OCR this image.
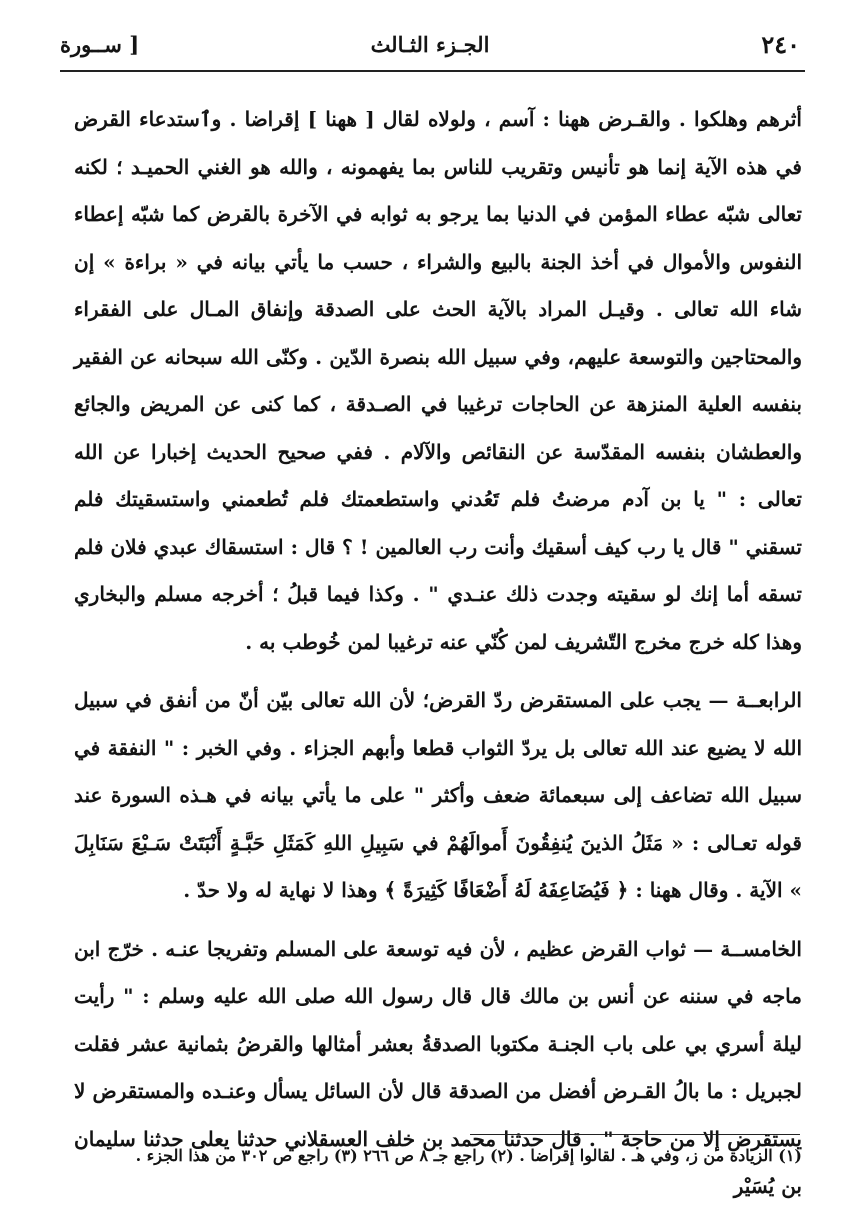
٢٤٠
الجـزء الثـالث
[ ســورة

أثرهم وهلكوا . والقـرض ههنا : آسم ، ولولاه لقال [ ههنا ] إقراضا . وٱستدعاء القرض في هذه الآية إنما هو تأنيس وتقريب للناس بما يفهمونه ، والله هو الغني الحميـد ؛ لكنه تعالى شبّه عطاء المؤمن في الدنيا بما يرجو به ثوابه في الآخرة بالقرض كما شبّه إعطاء النفوس والأموال في أخذ الجنة بالبيع والشراء ، حسب ما يأتي بيانه في « براءة » إن شاء الله تعالى . وقيـل المراد بالآية الحث على الصدقة وإنفاق المـال على الفقراء والمحتاجين والتوسعة عليهم، وفي سبيل الله بنصرة الدّين . وكنّى الله سبحانه عن الفقير بنفسه العلية المنزهة عن الحاجات ترغيبا في الصـدقة ، كما كنى عن المريض والجائع والعطشان بنفسه المقدّسة عن النقائص والآلام . ففي صحيح الحديث إخبارا عن الله تعالى : " يا بن آدم مرضتُ فلم تَعُدني واستطعمتك فلم تُطعمني واستسقيتك فلم تسقني " قال يا رب كيف أسقيك وأنت رب العالمين ! ؟ قال : استسقاك عبدي فلان فلم تسقه أما إنك لو سقيته وجدت ذلك عنـدي " . وكذا فيما قبلُ ؛ أخرجه مسلم والبخاري وهذا كله خرج مخرج التّشريف لمن كُنّي عنه ترغيبا لمن خُوطب به .

الرابعــة — يجب على المستقرض ردّ القرض؛ لأن الله تعالى بيّن أنّ من أنفق في سبيل الله لا يضيع عند الله تعالى بل يردّ الثواب قطعا وأبهم الجزاء . وفي الخبر : " النفقة في سبيل الله تضاعف إلى سبعمائة ضعف وأكثر " على ما يأتي بيانه في هـذه السورة عند قوله تعـالى : « مَثَلُ الذينَ يُنفِقُونَ أَموالَهُمْ في سَبِيلِ اللهِ كَمَثَلِ حَبَّـةٍ أَنْبَتَتْ سَـبْعَ سَنَابِلَ » الآية . وقال ههنا : ﴿ فَيُضَاعِفَهُ لَهُ أَضْعَافًا كَثِيرَةً ﴾ وهذا لا نهاية له ولا حدّ .

الخامســة — ثواب القرض عظيم ، لأن فيه توسعة على المسلم وتفريجا عنـه . خرّج ابن ماجه في سننه عن أنس بن مالك قال قال رسول الله صلى الله عليه وسلم : " رأيت ليلة أسري بي على باب الجنـة مكتوبا الصدقةُ بعشر أمثالها والقرضُ بثمانية عشر فقلت لجبريل : ما بالُ القـرض أفضل من الصدقة قال لأن السائل يسأل وعنـده والمستقرض لا يستقرض إلا من حاجة " . قال حدثنا محمد بن خلف العسقلاني حدثنا يعلى حدثنا سليمان بن يُسَيْر

(١) الزيادة من ز، وفي هـ . لقالوا إقراضا . (٢) راجع جـ ٨ ص ٢٦٦ (٣) راجع ص ٣٠٢ من هذا الجزء .
